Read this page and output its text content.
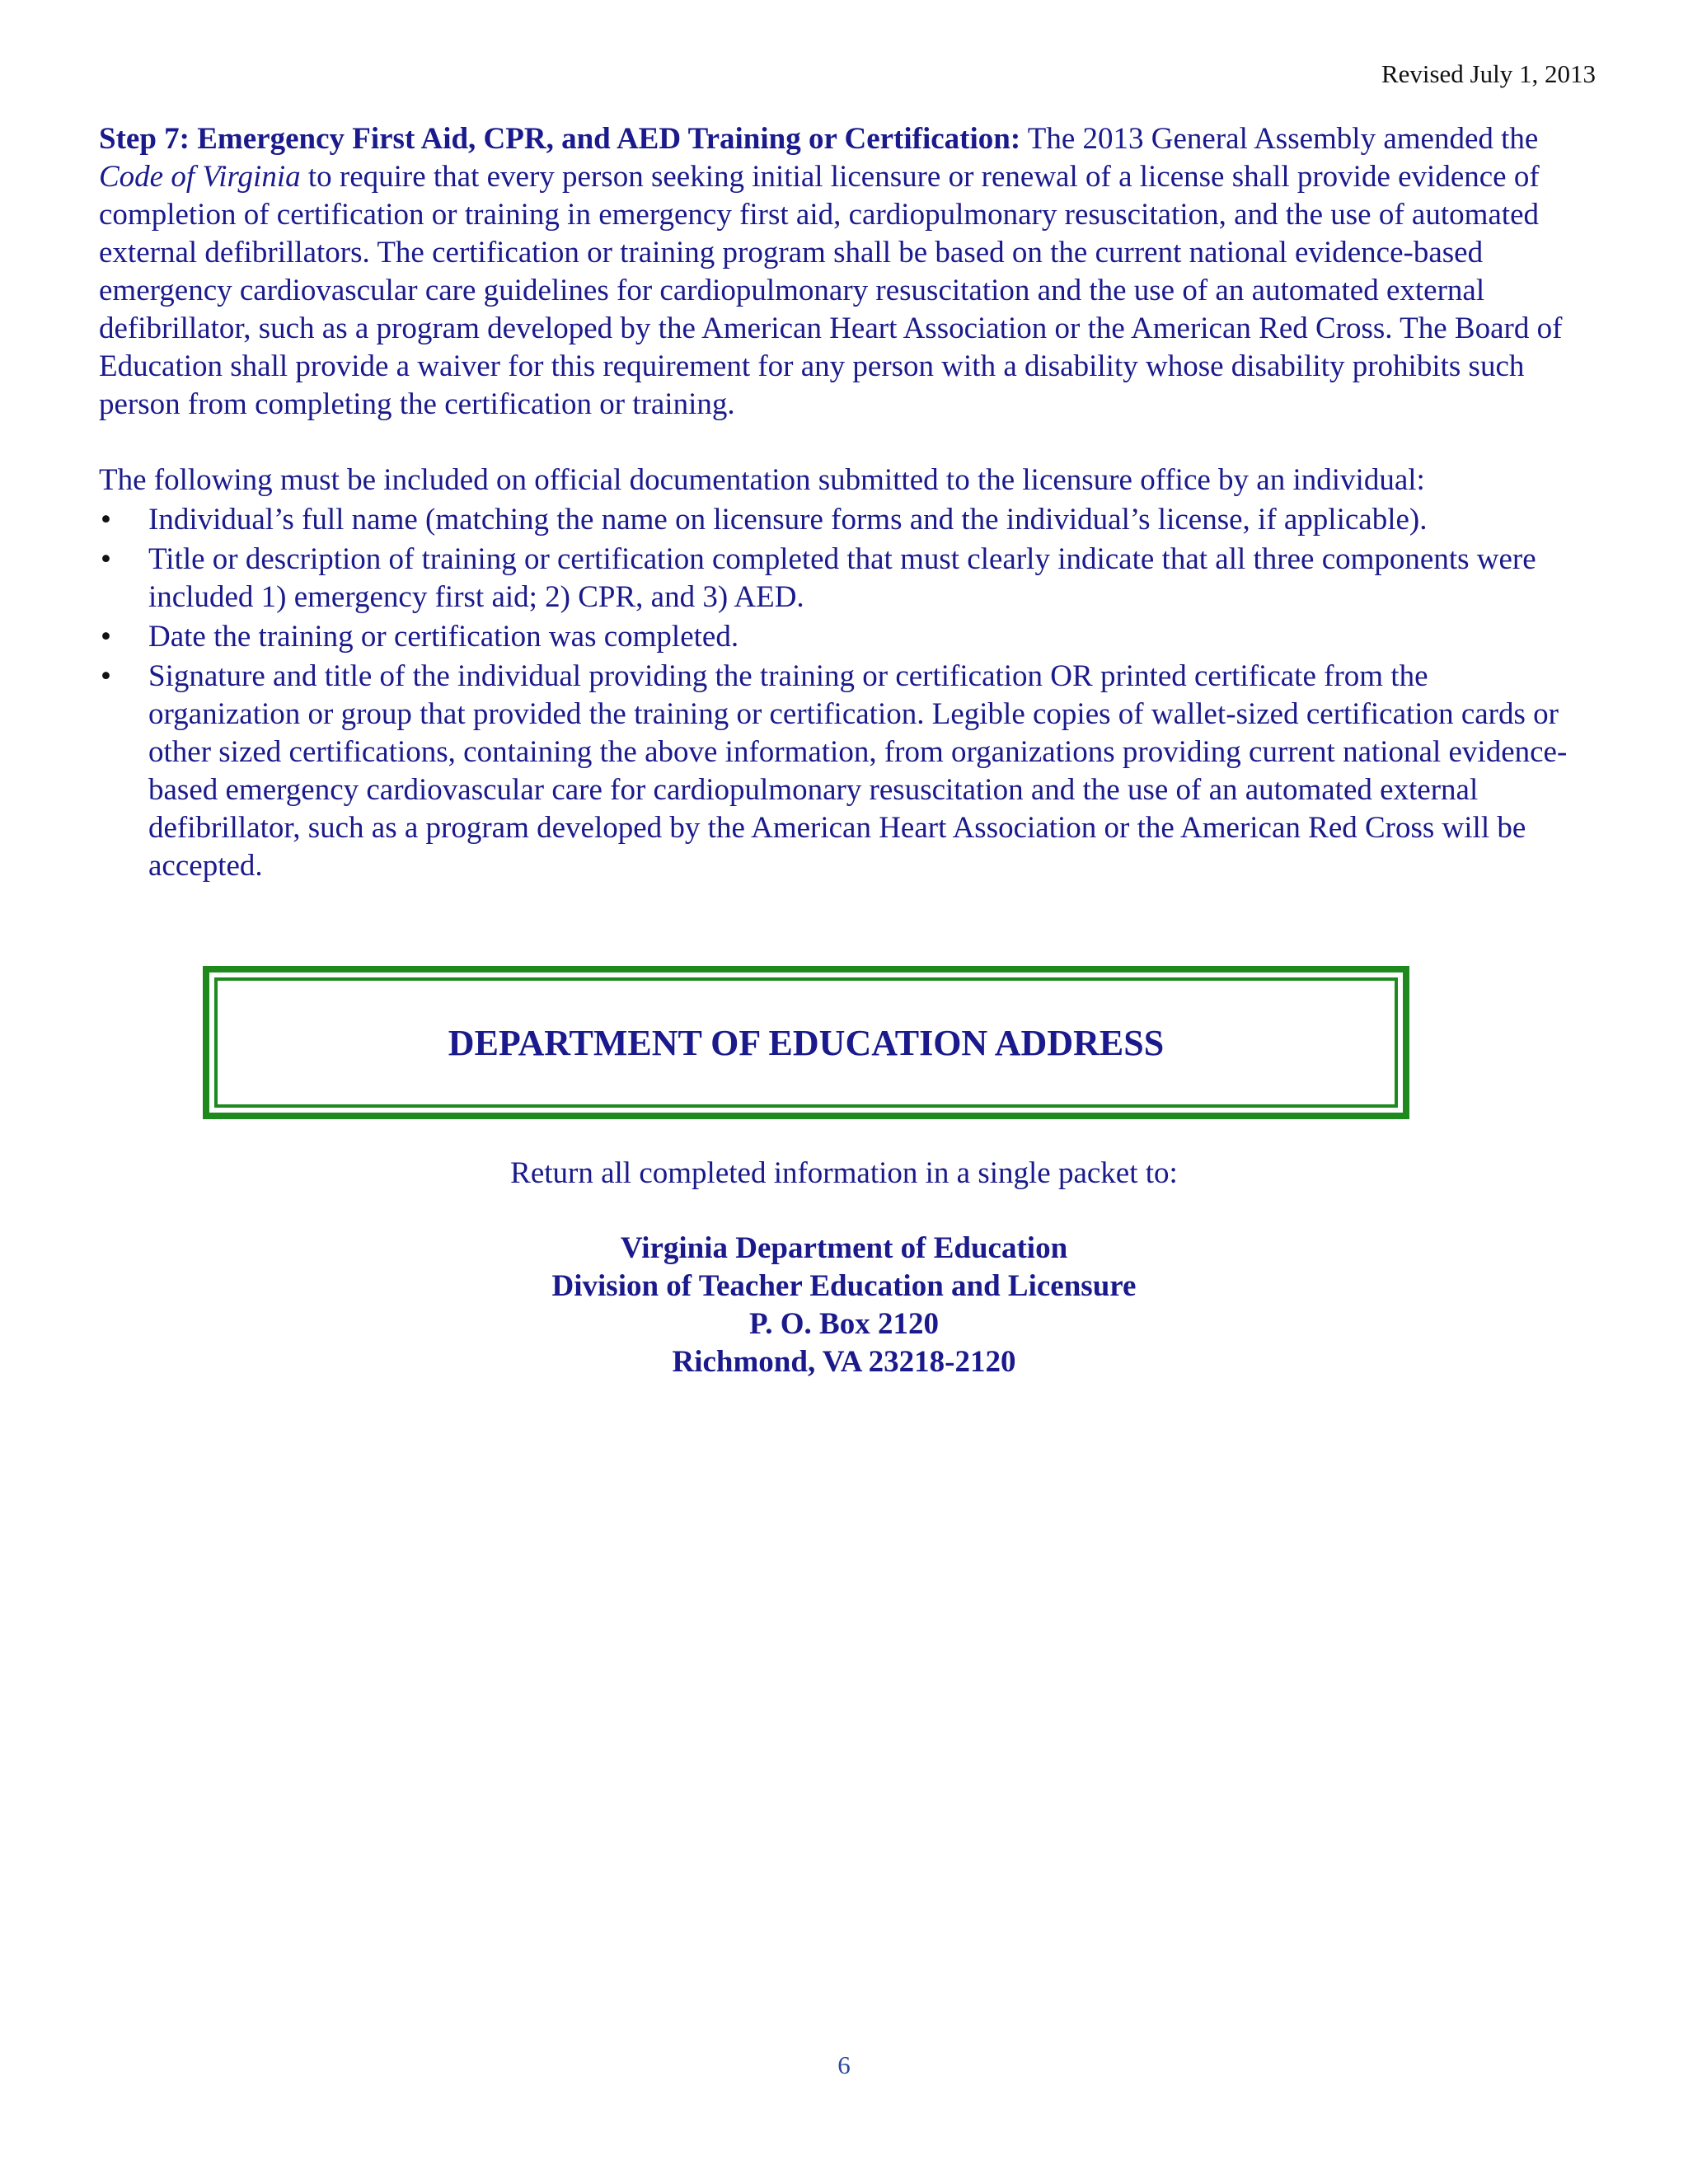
Revised July 1, 2013

Step 7: Emergency First Aid, CPR, and AED Training or Certification: The 2013 General Assembly amended the Code of Virginia to require that every person seeking initial licensure or renewal of a license shall provide evidence of completion of certification or training in emergency first aid, cardiopulmonary resuscitation, and the use of automated external defibrillators. The certification or training program shall be based on the current national evidence-based emergency cardiovascular care guidelines for cardiopulmonary resuscitation and the use of an automated external defibrillator, such as a program developed by the American Heart Association or the American Red Cross. The Board of Education shall provide a waiver for this requirement for any person with a disability whose disability prohibits such person from completing the certification or training.

The following must be included on official documentation submitted to the licensure office by an individual:

• Individual’s full name (matching the name on licensure forms and the individual’s license, if applicable).
• Title or description of training or certification completed that must clearly indicate that all three components were included 1) emergency first aid; 2) CPR, and 3) AED.
• Date the training or certification was completed.
• Signature and title of the individual providing the training or certification OR printed certificate from the organization or group that provided the training or certification. Legible copies of wallet-sized certification cards or other sized certifications, containing the above information, from organizations providing current national evidence-based emergency cardiovascular care for cardiopulmonary resuscitation and the use of an automated external defibrillator, such as a program developed by the American Heart Association or the American Red Cross will be accepted.
DEPARTMENT OF EDUCATION ADDRESS
Return all completed information in a single packet to:
Virginia Department of Education
Division of Teacher Education and Licensure
P. O. Box 2120
Richmond, VA 23218-2120
6
